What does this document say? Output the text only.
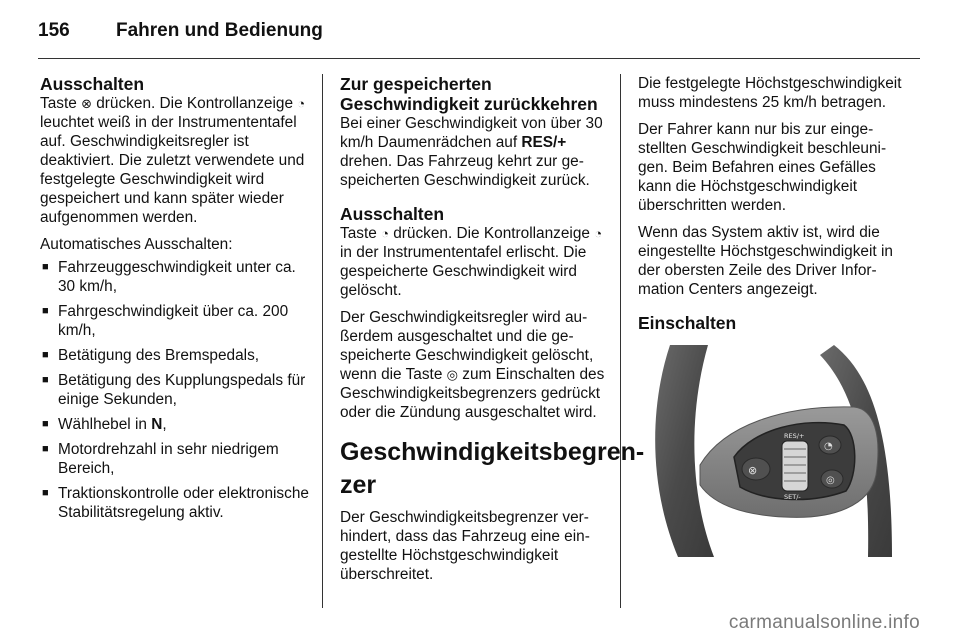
156 Fahren und Bedienung
Ausschalten

Taste ⊗ drücken. Die Kontrollanzeige ◔ leuchtet weiß in der Instrumententafel auf. Geschwindigkeitsregler ist deaktiviert. Die zuletzt verwendete und festgelegte Geschwindigkeit wird gespeichert und kann später wieder aufgenommen werden.

Automatisches Ausschalten:

■ Fahrzeuggeschwindigkeit unter ca. 30 km/h,
■ Fahrgeschwindigkeit über ca. 200 km/h,
■ Betätigung des Bremspedals,
■ Betätigung des Kupplungspedals für einige Sekunden,
■ Wählhebel in N,
■ Motordrehzahl in sehr niedrigem Bereich,
■ Traktionskontrolle oder elektronische Stabilitätsregelung aktiv.
Zur gespeicherten Geschwindigkeit zurückkehren

Bei einer Geschwindigkeit von über 30 km/h Daumenrädchen auf RES/+ drehen. Das Fahrzeug kehrt zur gespeicherten Geschwindigkeit zurück.

Ausschalten

Taste ◔ drücken. Die Kontrollanzeige ◔ in der Instrumententafel erlischt. Die gespeicherte Geschwindigkeit wird gelöscht.

Der Geschwindigkeitsregler wird außerdem ausgeschaltet und die gespeicherte Geschwindigkeit gelöscht, wenn die Taste ◎ zum Einschalten des Geschwindigkeitsbegrenzers gedrückt oder die Zündung ausgeschaltet wird.

Geschwindigkeitsbegrenzer

Der Geschwindigkeitsbegrenzer verhindert, dass das Fahrzeug eine eingestellte Höchstgeschwindigkeit überschreitet.

Die festgelegte Höchstgeschwindigkeit muss mindestens 25 km/h betragen.

Der Fahrer kann nur bis zur eingestellten Geschwindigkeit beschleunigen. Beim Befahren eines Gefälles kann die Höchstgeschwindigkeit überschritten werden.

Wenn das System aktiv ist, wird die eingestellte Höchstgeschwindigkeit in der obersten Zeile des Driver Information Centers angezeigt.

Einschalten
⊗
RES/+
SET/-
◔
◎
carmanualsonline.info
